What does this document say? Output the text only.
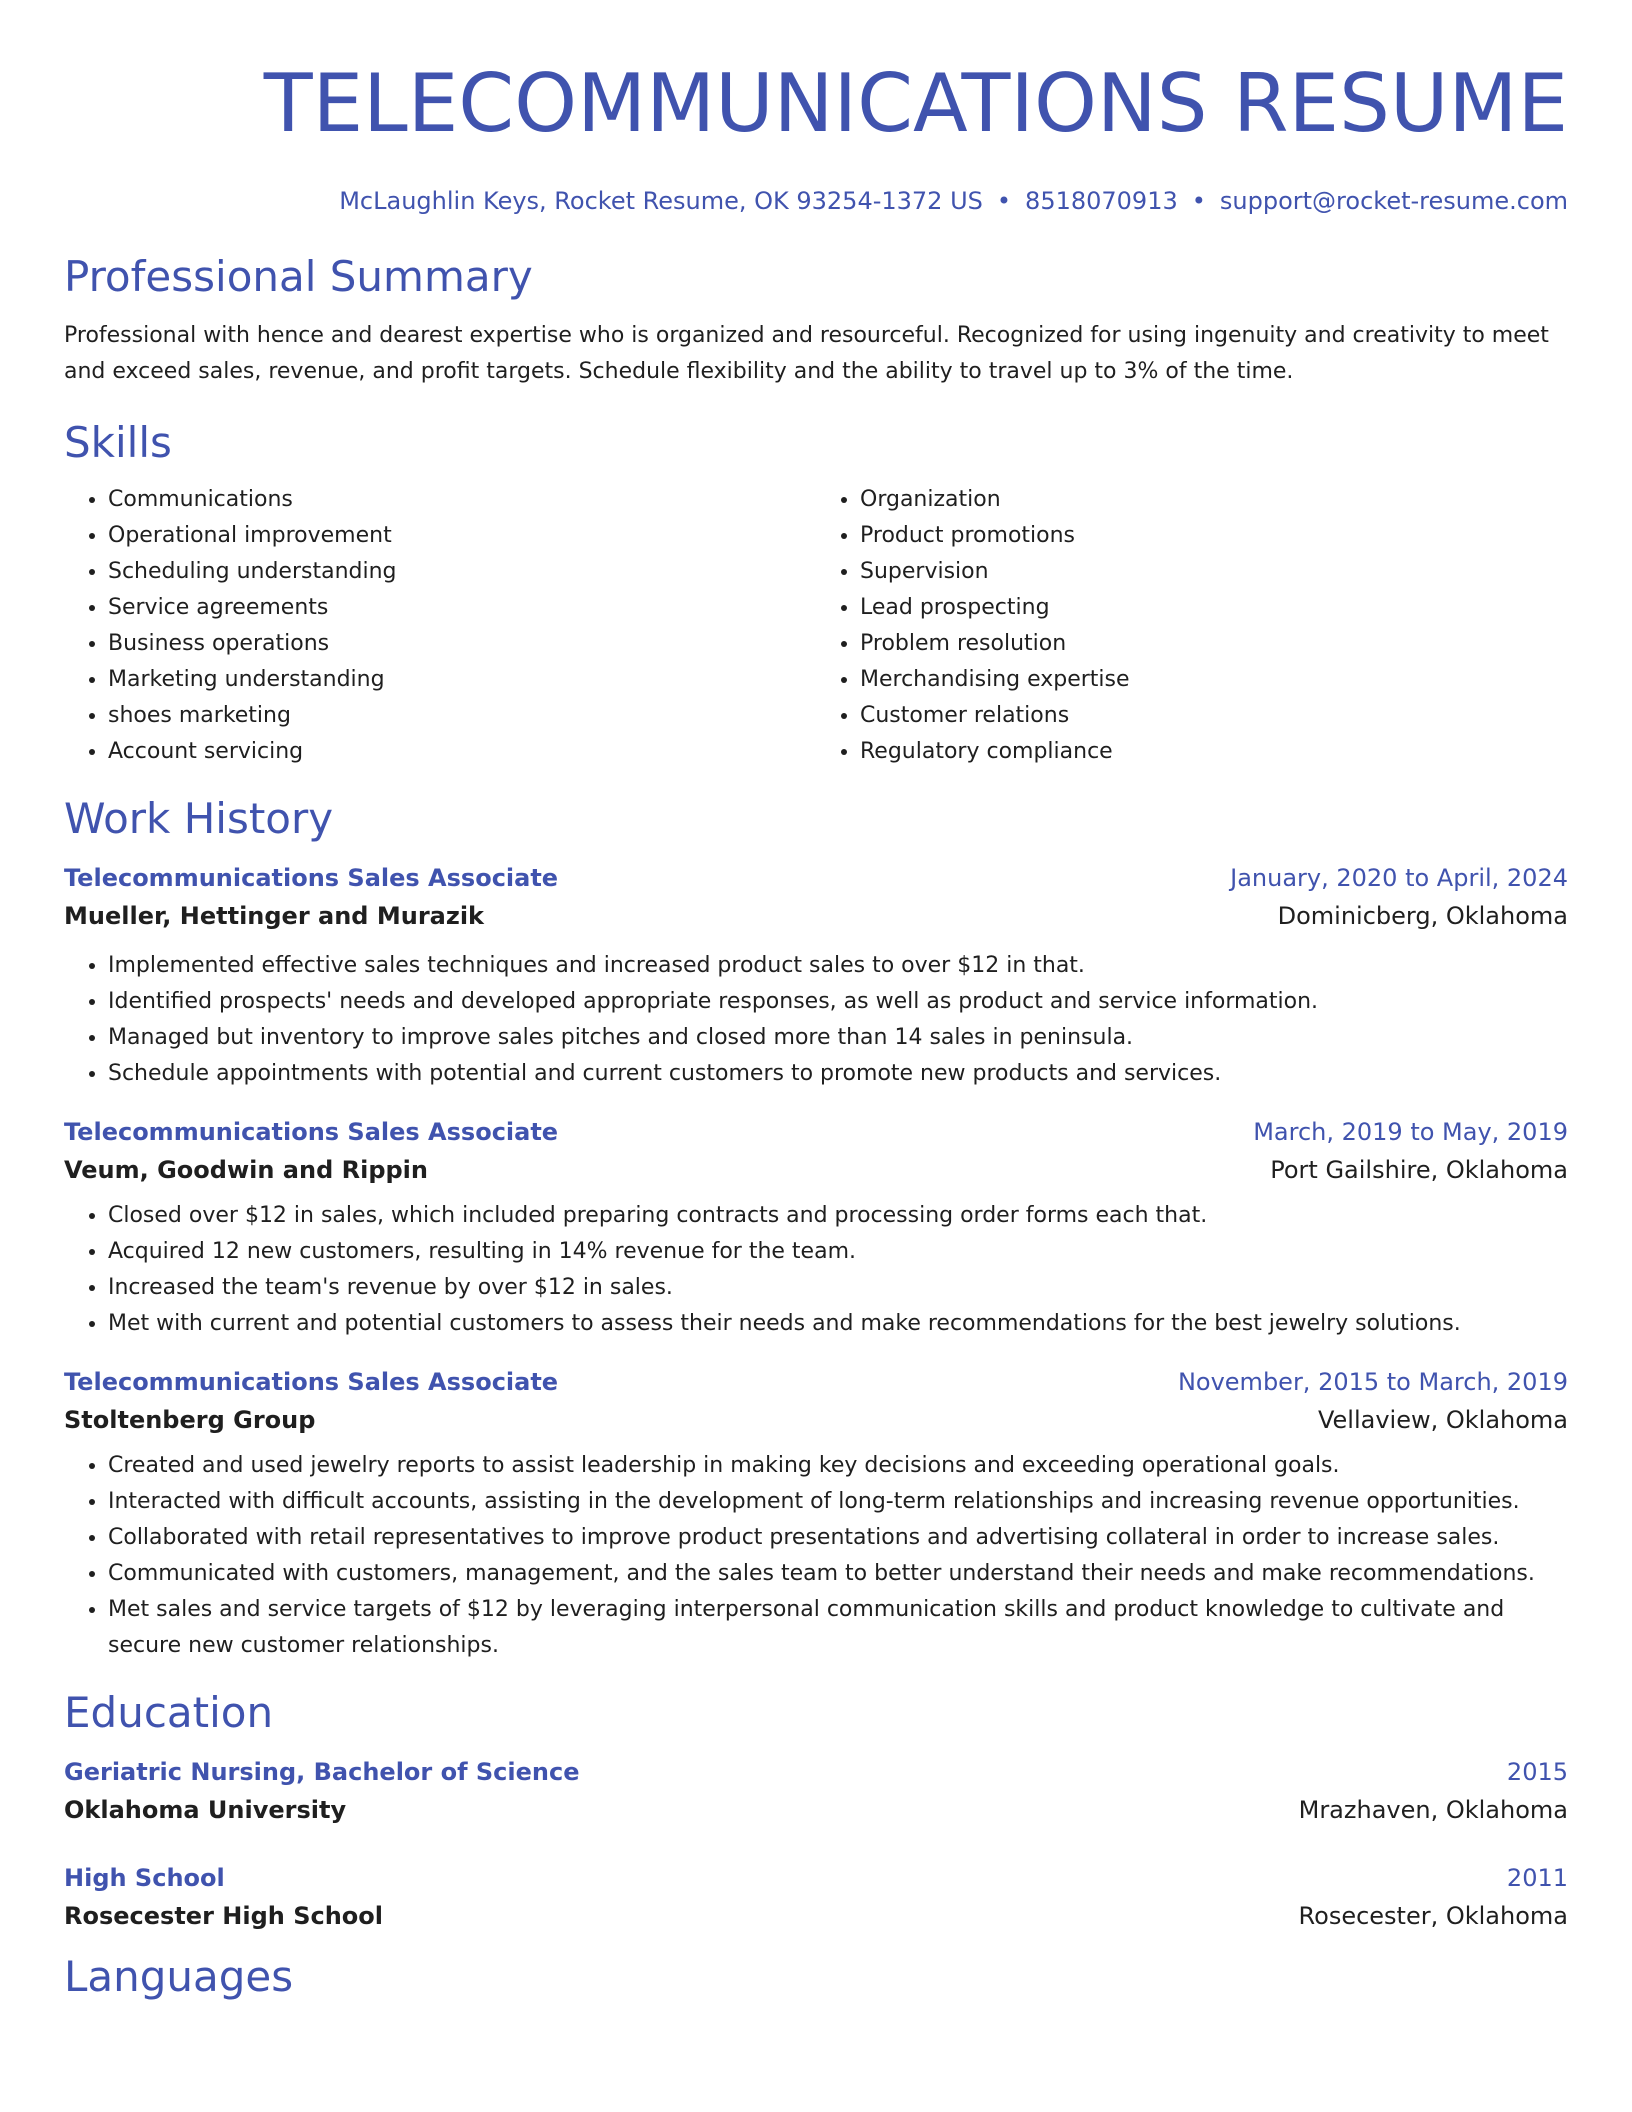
TELECOMMUNICATIONS RESUME
McLaughlin Keys, Rocket Resume, OK 93254-1372 US • 8518070913 • support@rocket-resume.com
Professional Summary

Professional with hence and dearest expertise who is organized and resourceful. Recognized for using ingenuity and creativity to meet and exceed sales, revenue, and profit targets. Schedule flexibility and the ability to travel up to 3% of the time.

Skills
• Communications
• Operational improvement
• Scheduling understanding
• Service agreements
• Business operations
• Marketing understanding
• shoes marketing
• Account servicing
• Organization
• Product promotions
• Supervision
• Lead prospecting
• Problem resolution
• Merchandising expertise
• Customer relations
• Regulatory compliance
Work History
Telecommunications Sales Associate	January, 2020 to April, 2024
Mueller, Hettinger and Murazik	Dominicberg, Oklahoma
• Implemented effective sales techniques and increased product sales to over $12 in that.
• Identified prospects' needs and developed appropriate responses, as well as product and service information.
• Managed but inventory to improve sales pitches and closed more than 14 sales in peninsula.
• Schedule appointments with potential and current customers to promote new products and services.
Telecommunications Sales Associate	March, 2019 to May, 2019
Veum, Goodwin and Rippin	Port Gailshire, Oklahoma
• Closed over $12 in sales, which included preparing contracts and processing order forms each that.
• Acquired 12 new customers, resulting in 14% revenue for the team.
• Increased the team's revenue by over $12 in sales.
• Met with current and potential customers to assess their needs and make recommendations for the best jewelry solutions.
Telecommunications Sales Associate	November, 2015 to March, 2019
Stoltenberg Group	Vellaview, Oklahoma
• Created and used jewelry reports to assist leadership in making key decisions and exceeding operational goals.
• Interacted with difficult accounts, assisting in the development of long-term relationships and increasing revenue opportunities.
• Collaborated with retail representatives to improve product presentations and advertising collateral in order to increase sales.
• Communicated with customers, management, and the sales team to better understand their needs and make recommendations.
• Met sales and service targets of $12 by leveraging interpersonal communication skills and product knowledge to cultivate and secure new customer relationships.
Education
Geriatric Nursing, Bachelor of Science	2015
Oklahoma University	Mrazhaven, Oklahoma
High School	2011
Rosecester High School	Rosecester, Oklahoma
Languages
